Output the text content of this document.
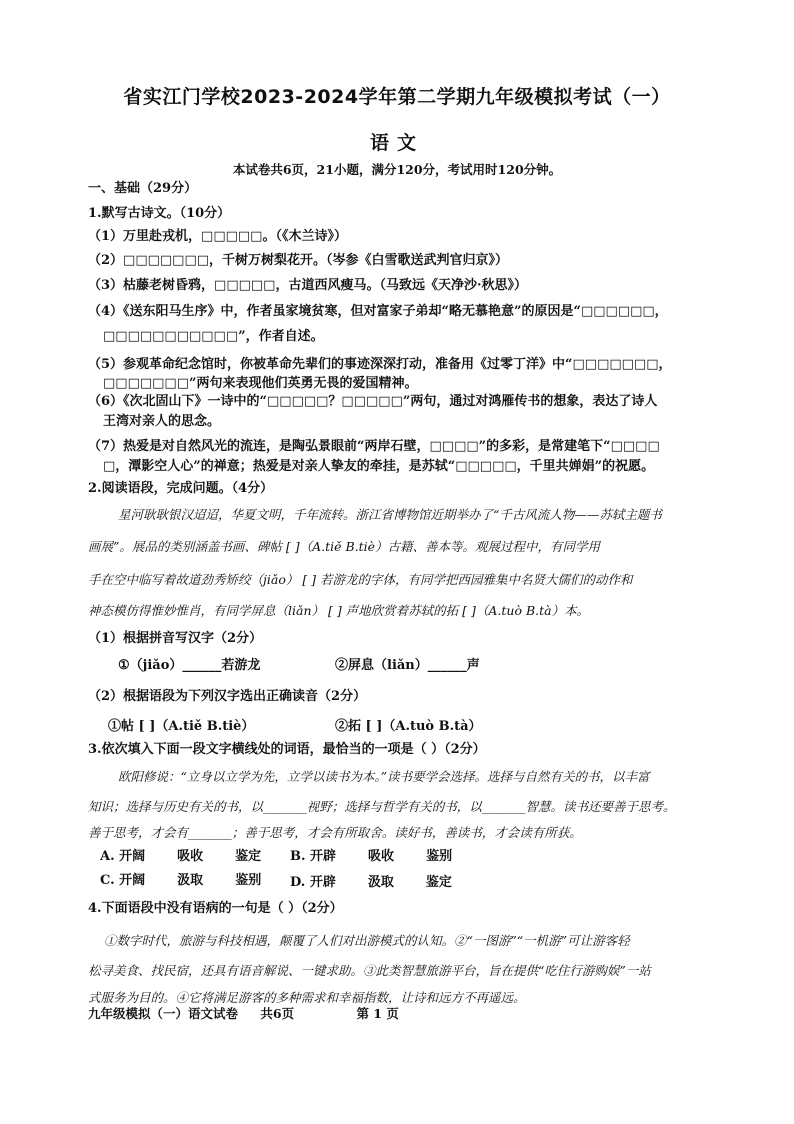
省实江门学校2023-2024学年第二学期九年级模拟考试（一）
语文
本试卷共6页，21小题，满分120分，考试用时120分钟。
一、基础（29分）
1.默写古诗文。（10分）
（1）万里赴戎机，□□□□□。（《木兰诗》）
（2）□□□□□□□，千树万树梨花开。（岑参《白雪歌送武判官归京》）
（3）枯藤老树昏鸦，□□□□□，古道西风瘦马。（马致远《天净沙·秋思》）
（4）《送东阳马生序》中，作者虽家境贫寒，但对富家子弟却“略无慕艳意”的原因是“□□□□□□，
□□□□□□□□□□□”，作者自述。
（5）参观革命纪念馆时，你被革命先辈们的事迹深深打动，准备用《过零丁洋》中“□□□□□□□，
□□□□□□□”两句来表现他们英勇无畏的爱国精神。
（6）《次北固山下》一诗中的“□□□□□？□□□□□”两句，通过对鸿雁传书的想象，表达了诗人
王湾对亲人的思念。
（7）热爱是对自然风光的流连，是陶弘景眼前“两岸石壁，□□□□”的多彩，是常建笔下“□□□□
□，潭影空人心”的禅意；热爱是对亲人挚友的牵挂，是苏轼“□□□□□，千里共婵娟”的祝愿。
2.阅读语段，完成问题。（4分）
星河耿耿银汉迢迢，华夏文明，千年流转。浙江省博物馆近期举办了“千古风流人物——苏轼主题书
画展”。展品的类别涵盖书画、碑帖 [ ]（A.tiě B.tiè）古籍、善本等。观展过程中，有同学用
手在空中临写着故道劲秀矫绞（jiǎo） [ ] 若游龙的字体，有同学把西园雅集中名贤大儒们的动作和
神态模仿得惟妙惟肖，有同学屏息（liǎn） [ ] 声地欣赏着苏轼的拓 [ ]（A.tuò B.tà）本。
（1）根据拼音写汉字（2分）
①（jiǎo）______若游龙	②屏息（liǎn）______声
（2）根据语段为下列汉字选出正确读音（2分）
①帖 [ ]（A.tiě B.tiè）	②拓 [ ]（A.tuò B.tà）
3.依次填入下面一段文字横线处的词语，最恰当的一项是（ ）（2分）
欧阳修说：“立身以立学为先，立学以读书为本。”读书要学会选择。选择与自然有关的书，以丰富
知识；选择与历史有关的书，以_______视野；选择与哲学有关的书，以_______智慧。读书还要善于思考。
善于思考，才会有_______；善于思考，才会有所取舍。读好书，善读书，才会读有所获。
A. 开阔 吸收 鉴定	B. 开辟 吸收 鉴别
C. 开阔 汲取 鉴别	D. 开辟 汲取 鉴定
4.下面语段中没有语病的一句是（ ）（2分）
①数字时代，旅游与科技相遇，颠覆了人们对出游模式的认知。②“一图游”“一机游”可让游客轻
松寻美食、找民宿，还具有语音解说、一键求助。③此类智慧旅游平台，旨在提供“吃住行游购娱”一站
式服务为目的。④它将满足游客的多种需求和幸福指数，让诗和远方不再遥远。
九年级模拟（一）语文试卷 共6页	第 1 页
